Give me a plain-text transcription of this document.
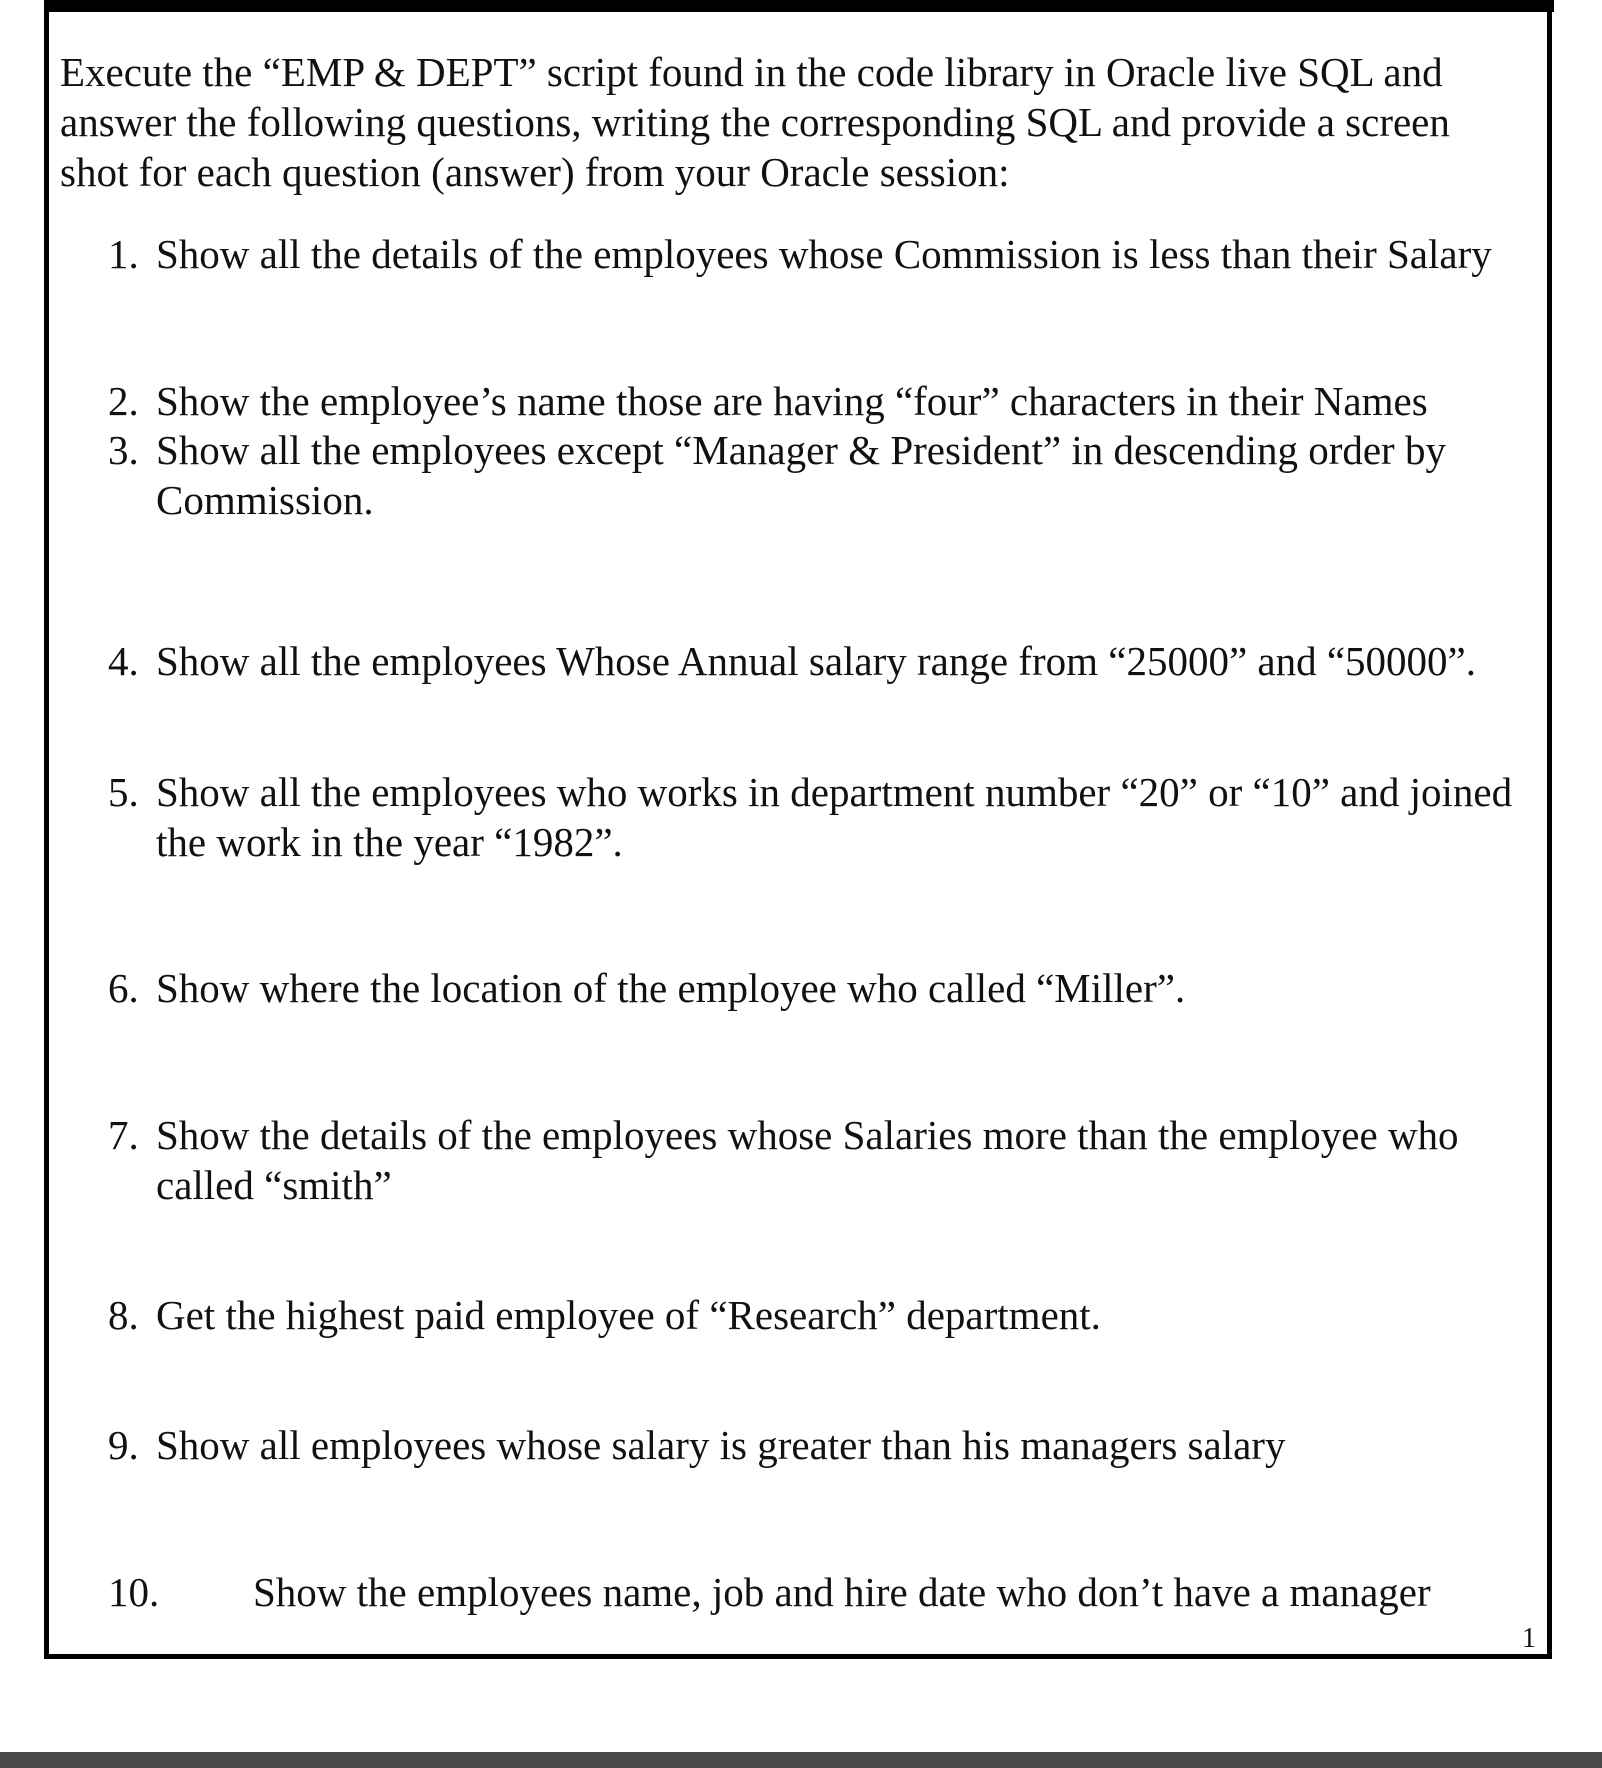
Execute the “EMP & DEPT” script found in the code library in Oracle live SQL and answer the following questions, writing the corresponding SQL and provide a screen shot for each question (answer) from your Oracle session:
1. Show all the details of the employees whose Commission is less than their Salary
2. Show the employee’s name those are having “four” characters in their Names
3. Show all the employees except “Manager & President” in descending order by Commission.
4. Show all the employees Whose Annual salary range from “25000” and “50000”.
5. Show all the employees who works in department number “20” or “10” and joined the work in the year “1982”.
6. Show where the location of the employee who called “Miller”.
7. Show the details of the employees whose Salaries more than the employee who called “smith”
8. Get the highest paid employee of “Research” department.
9. Show all employees whose salary is greater than his managers salary
10. Show the employees name, job and hire date who don’t have a manager
1
